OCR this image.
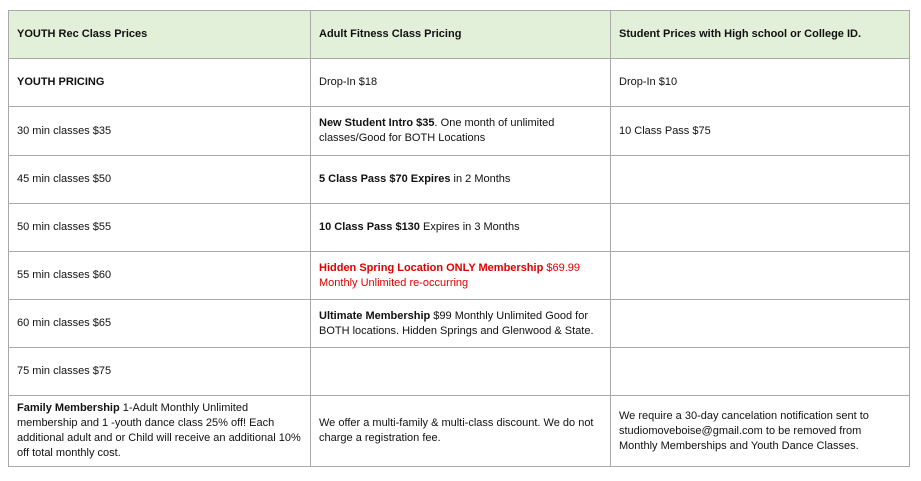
YOUTH Rec Class Prices	Adult Fitness Class Pricing	Student Prices with High school or College ID.
YOUTH PRICING	Drop-In $18	Drop-In $10
30 min classes $35	New Student Intro $35. One month of unlimited classes/Good for BOTH Locations	10 Class Pass $75
45 min classes $50	5 Class Pass $70 Expires in 2 Months	
50 min classes $55	10 Class Pass $130 Expires in 3 Months	
55 min classes $60	Hidden Spring Location ONLY Membership $69.99 Monthly Unlimited re-occurring	
60 min classes $65	Ultimate Membership $99 Monthly Unlimited Good for BOTH locations. Hidden Springs and Glenwood & State.	
75 min classes $75		
Family Membership 1-Adult Monthly Unlimited membership and 1 -youth dance class 25% off! Each additional adult and or Child will receive an additional 10% off total monthly cost.	We offer a multi-family & multi-class discount. We do not charge a registration fee.	We require a 30-day cancelation notification sent to studiomoveboise@gmail.com to be removed from Monthly Memberships and Youth Dance Classes.
